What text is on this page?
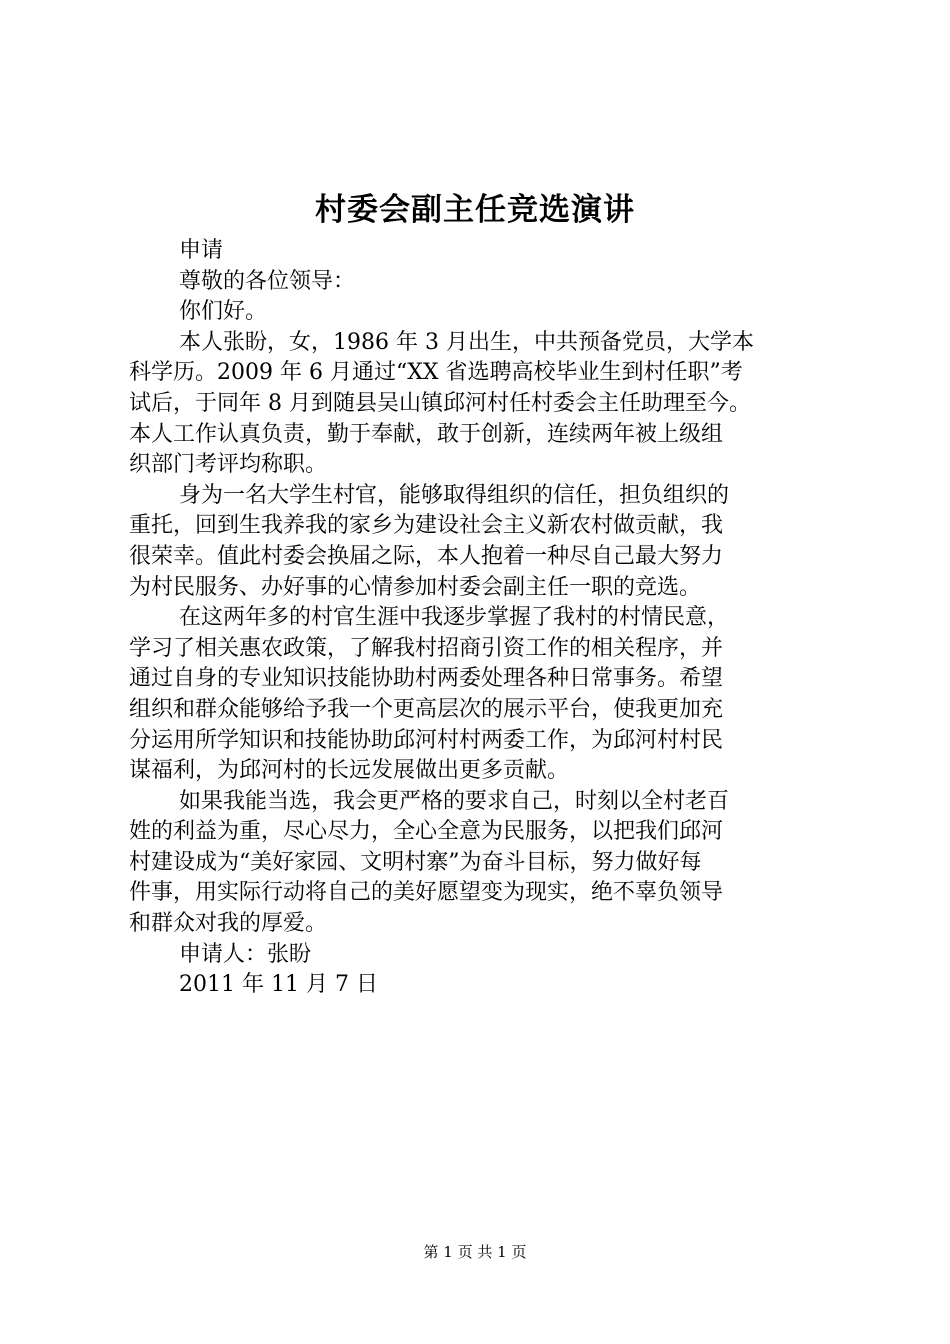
村委会副主任竞选演讲
申请
尊敬的各位领导：
你们好。
本人张盼，女，1986 年 3 月出生，中共预备党员，大学本
科学历。2009 年 6 月通过“XX 省选聘高校毕业生到村任职”考
试后，于同年 8 月到随县吴山镇邱河村任村委会主任助理至今。
本人工作认真负责，勤于奉献，敢于创新，连续两年被上级组
织部门考评均称职。
身为一名大学生村官，能够取得组织的信任，担负组织的
重托，回到生我养我的家乡为建设社会主义新农村做贡献，我
很荣幸。值此村委会换届之际，本人抱着一种尽自己最大努力
为村民服务、办好事的心情参加村委会副主任一职的竞选。
在这两年多的村官生涯中我逐步掌握了我村的村情民意，
学习了相关惠农政策，了解我村招商引资工作的相关程序，并
通过自身的专业知识技能协助村两委处理各种日常事务。希望
组织和群众能够给予我一个更高层次的展示平台，使我更加充
分运用所学知识和技能协助邱河村村两委工作，为邱河村村民
谋福利，为邱河村的长远发展做出更多贡献。
如果我能当选，我会更严格的要求自己，时刻以全村老百
姓的利益为重，尽心尽力，全心全意为民服务，以把我们邱河
村建设成为“美好家园、文明村寨”为奋斗目标，努力做好每
件事，用实际行动将自己的美好愿望变为现实，绝不辜负领导
和群众对我的厚爱。
申请人：张盼
2011 年 11 月 7 日
第 1 页 共 1 页
